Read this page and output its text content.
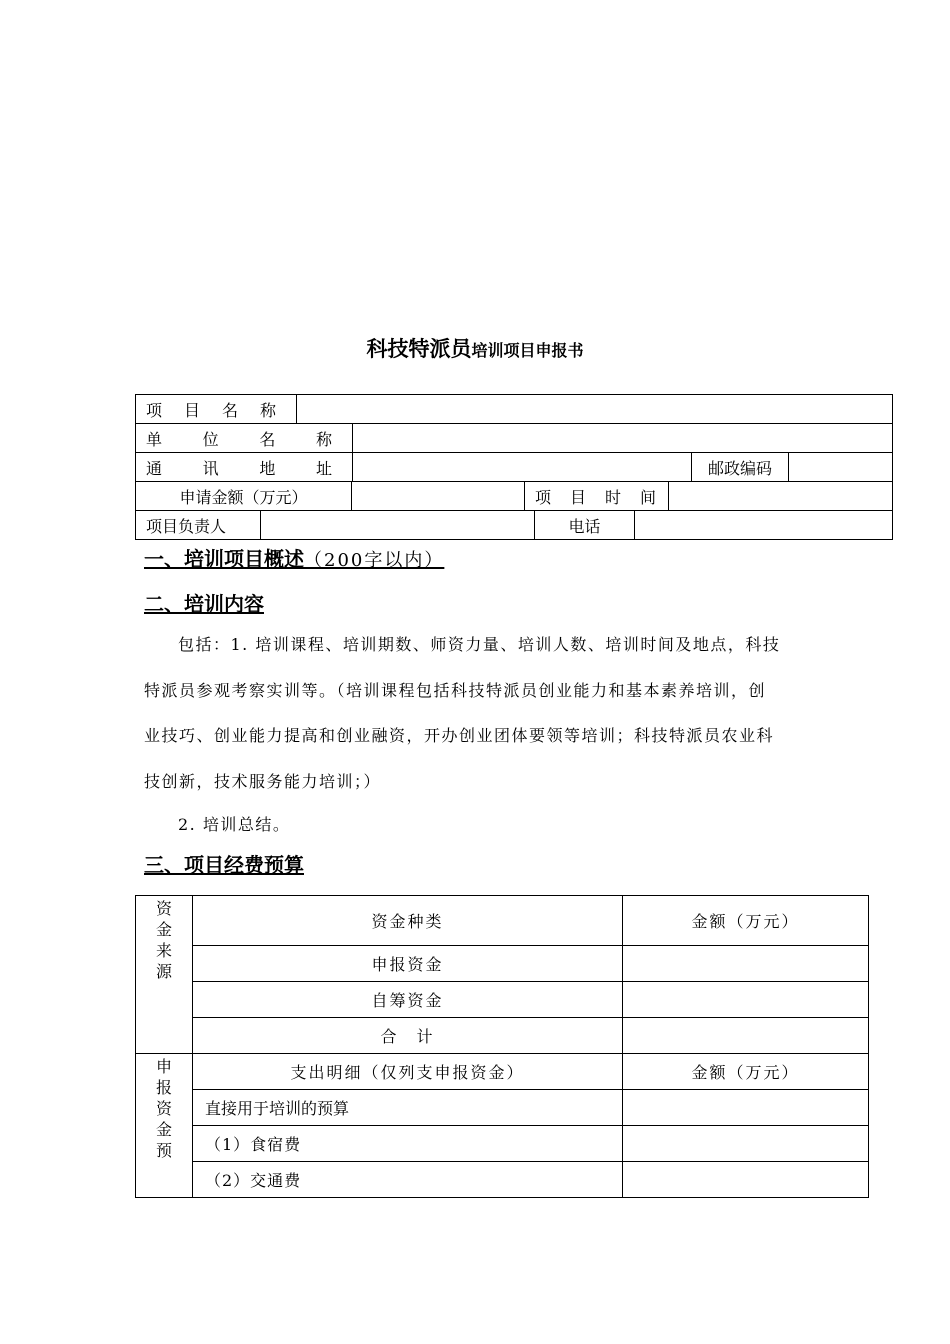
科技特派员培训项目申报书
项 目 名 称

单	位	名	称

通	讯	地	址		邮政编码	
申请金额（万元）		项 目 时 间

项目负责人		电话	
一、培训项目概述（200字以内）
二、培训内容
包括：1. 培训课程、培训期数、师资力量、培训人数、培训时间及地点，科技
特派员参观考察实训等。（培训课程包括科技特派员创业能力和基本素养培训，创
业技巧、创业能力提高和创业融资，开办创业团体要领等培训；科技特派员农业科
技创新，技术服务能力培训；）
2. 培训总结。
三、项目经费预算
资金来源	资金种类	金额（万元）
	申报资金	
	自筹资金	
	合　计	

申报资金预	支出明细（仅列支申报资金）	金额（万元）
	直接用于培训的预算	
	（1）食宿费	
	（2）交通费	
